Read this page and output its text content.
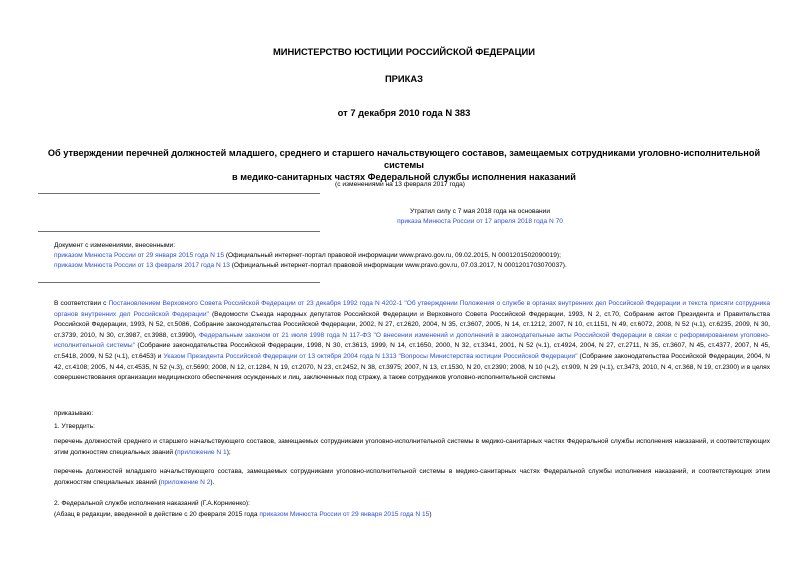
МИНИСТЕРСТВО ЮСТИЦИИ РОССИЙСКОЙ ФЕДЕРАЦИИ
ПРИКАЗ
от 7 декабря 2010 года N 383
Об утверждении перечней должностей младшего, среднего и старшего начальствующего составов, замещаемых сотрудниками уголовно-исполнительной системы
в медико-санитарных частях Федеральной службы исполнения наказаний
(с изменениями на 13 февраля 2017 года)
Утратил силу с 7 мая 2018 года на основании
приказа Минюста России от 17 апреля 2018 года N 70
Документ с изменениями, внесенными:
приказом Минюста России от 29 января 2015 года N 15 (Официальный интернет-портал правовой информации www.pravo.gov.ru, 09.02.2015, N 0001201502090019);
приказом Минюста России от 13 февраля 2017 года N 13 (Официальный интернет-портал правовой информации www.pravo.gov.ru, 07.03.2017, N 0001201703070037).
В соответствии с Постановлением Верховного Совета Российской Федерации от 23 декабря 1992 года N 4202-1 "Об утверждении Положения о службе в органах внутренних дел Российской Федерации и текста присяги сотрудника органов внутренних дел Российской Федерации" (Ведомости Съезда народных депутатов Российской Федерации и Верховного Совета Российской Федерации, 1993, N 2, ст.70, Собрание актов Президента и Правительства Российской Федерации, 1993, N 52, ст.5086, Собрание законодательства Российской Федерации, 2002, N 27, ст.2620, 2004, N 35, ст.3607, 2005, N 14, ст.1212, 2007, N 10, ст.1151, N 49, ст.6072, 2008, N 52 (ч.1), ст.6235, 2009, N 30, ст.3739, 2010, N 30, ст.3987, ст.3988, ст.3990), Федеральным законом от 21 июля 1998 года N 117-ФЗ "О внесении изменений и дополнений в законодательные акты Российской Федерации в связи с реформированием уголовно-исполнительной системы" (Собрание законодательства Российской Федерации, 1998, N 30, ст.3613, 1999, N 14, ст.1650, 2000, N 32, ст.3341, 2001, N 52 (ч.1), ст.4924, 2004, N 27, ст.2711, N 35, ст.3607, N 45, ст.4377, 2007, N 45, ст.5418, 2009, N 52 (ч.1), ст.6453) и Указом Президента Российской Федерации от 13 октября 2004 года N 1313 "Вопросы Министерства юстиции Российской Федерации" (Собрание законодательства Российской Федерации, 2004, N 42, ст.4108; 2005, N 44, ст.4535, N 52 (ч.3), ст.5690; 2008, N 12, ст.1284, N 19, ст.2070, N 23, ст.2452, N 38, ст.3975; 2007, N 13, ст.1530, N 20, ст.2390; 2008, N 10 (ч.2), ст.909, N 29 (ч.1), ст.3473, 2010, N 4, ст.368, N 19, ст.2300) и в целях совершенствования организации медицинского обеспечения осужденных и лиц, заключенных под стражу, а также сотрудников уголовно-исполнительной системы
приказываю:
1. Утвердить:
перечень должностей среднего и старшего начальствующего составов, замещаемых сотрудниками уголовно-исполнительной системы в медико-санитарных частях Федеральной службы исполнения наказаний, и соответствующих этим должностям специальных званий (приложение N 1);
перечень должностей младшего начальствующего состава, замещаемых сотрудниками уголовно-исполнительной системы в медико-санитарных частях Федеральной службы исполнения наказаний, и соответствующих этим должностям специальных званий (приложение N 2).
2. Федеральной службе исполнения наказаний (Г.А.Корниенко):
(Абзац в редакции, введенной в действие с 20 февраля 2015 года приказом Минюста России от 29 января 2015 года N 15)
